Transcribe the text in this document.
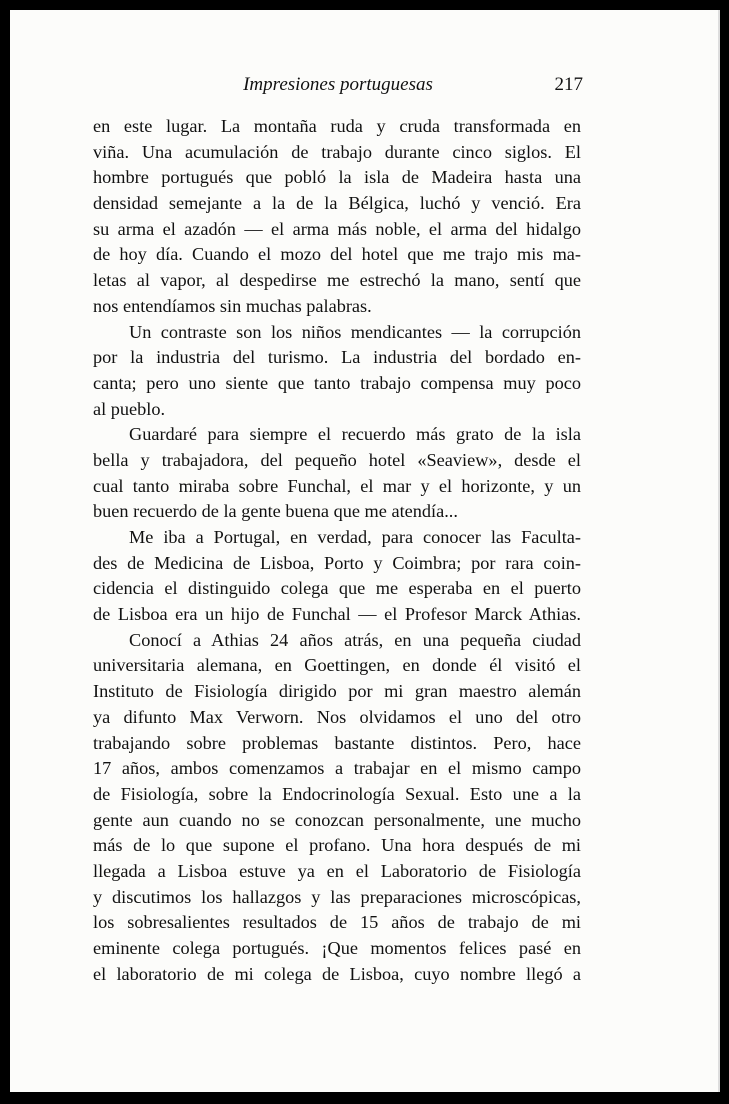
Impresiones portuguesas	217
en este lugar. La montaña ruda y cruda transformada en
viña. Una acumulación de trabajo durante cinco siglos. El
hombre portugués que pobló la isla de Madeira hasta una
densidad semejante a la de la Bélgica, luchó y venció. Era
su arma el azadón — el arma más noble, el arma del hidalgo
de hoy día. Cuando el mozo del hotel que me trajo mis ma-
letas al vapor, al despedirse me estrechó la mano, sentí que
nos entendíamos sin muchas palabras.
Un contraste son los niños mendicantes — la corrupción
por la industria del turismo. La industria del bordado en-
canta; pero uno siente que tanto trabajo compensa muy poco
al pueblo.
Guardaré para siempre el recuerdo más grato de la isla
bella y trabajadora, del pequeño hotel «Seaview», desde el
cual tanto miraba sobre Funchal, el mar y el horizonte, y un
buen recuerdo de la gente buena que me atendía...
Me iba a Portugal, en verdad, para conocer las Faculta-
des de Medicina de Lisboa, Porto y Coimbra; por rara coin-
cidencia el distinguido colega que me esperaba en el puerto
de Lisboa era un hijo de Funchal — el Profesor Marck Athias.
Conocí a Athias 24 años atrás, en una pequeña ciudad
universitaria alemana, en Goettingen, en donde él visitó el
Instituto de Fisiología dirigido por mi gran maestro alemán
ya difunto Max Verworn. Nos olvidamos el uno del otro
trabajando sobre problemas bastante distintos. Pero, hace
17 años, ambos comenzamos a trabajar en el mismo campo
de Fisiología, sobre la Endocrinología Sexual. Esto une a la
gente aun cuando no se conozcan personalmente, une mucho
más de lo que supone el profano. Una hora después de mi
llegada a Lisboa estuve ya en el Laboratorio de Fisiología
y discutimos los hallazgos y las preparaciones microscópicas,
los sobresalientes resultados de 15 años de trabajo de mi
eminente colega portugués. ¡Que momentos felices pasé en
el laboratorio de mi colega de Lisboa, cuyo nombre llegó a
